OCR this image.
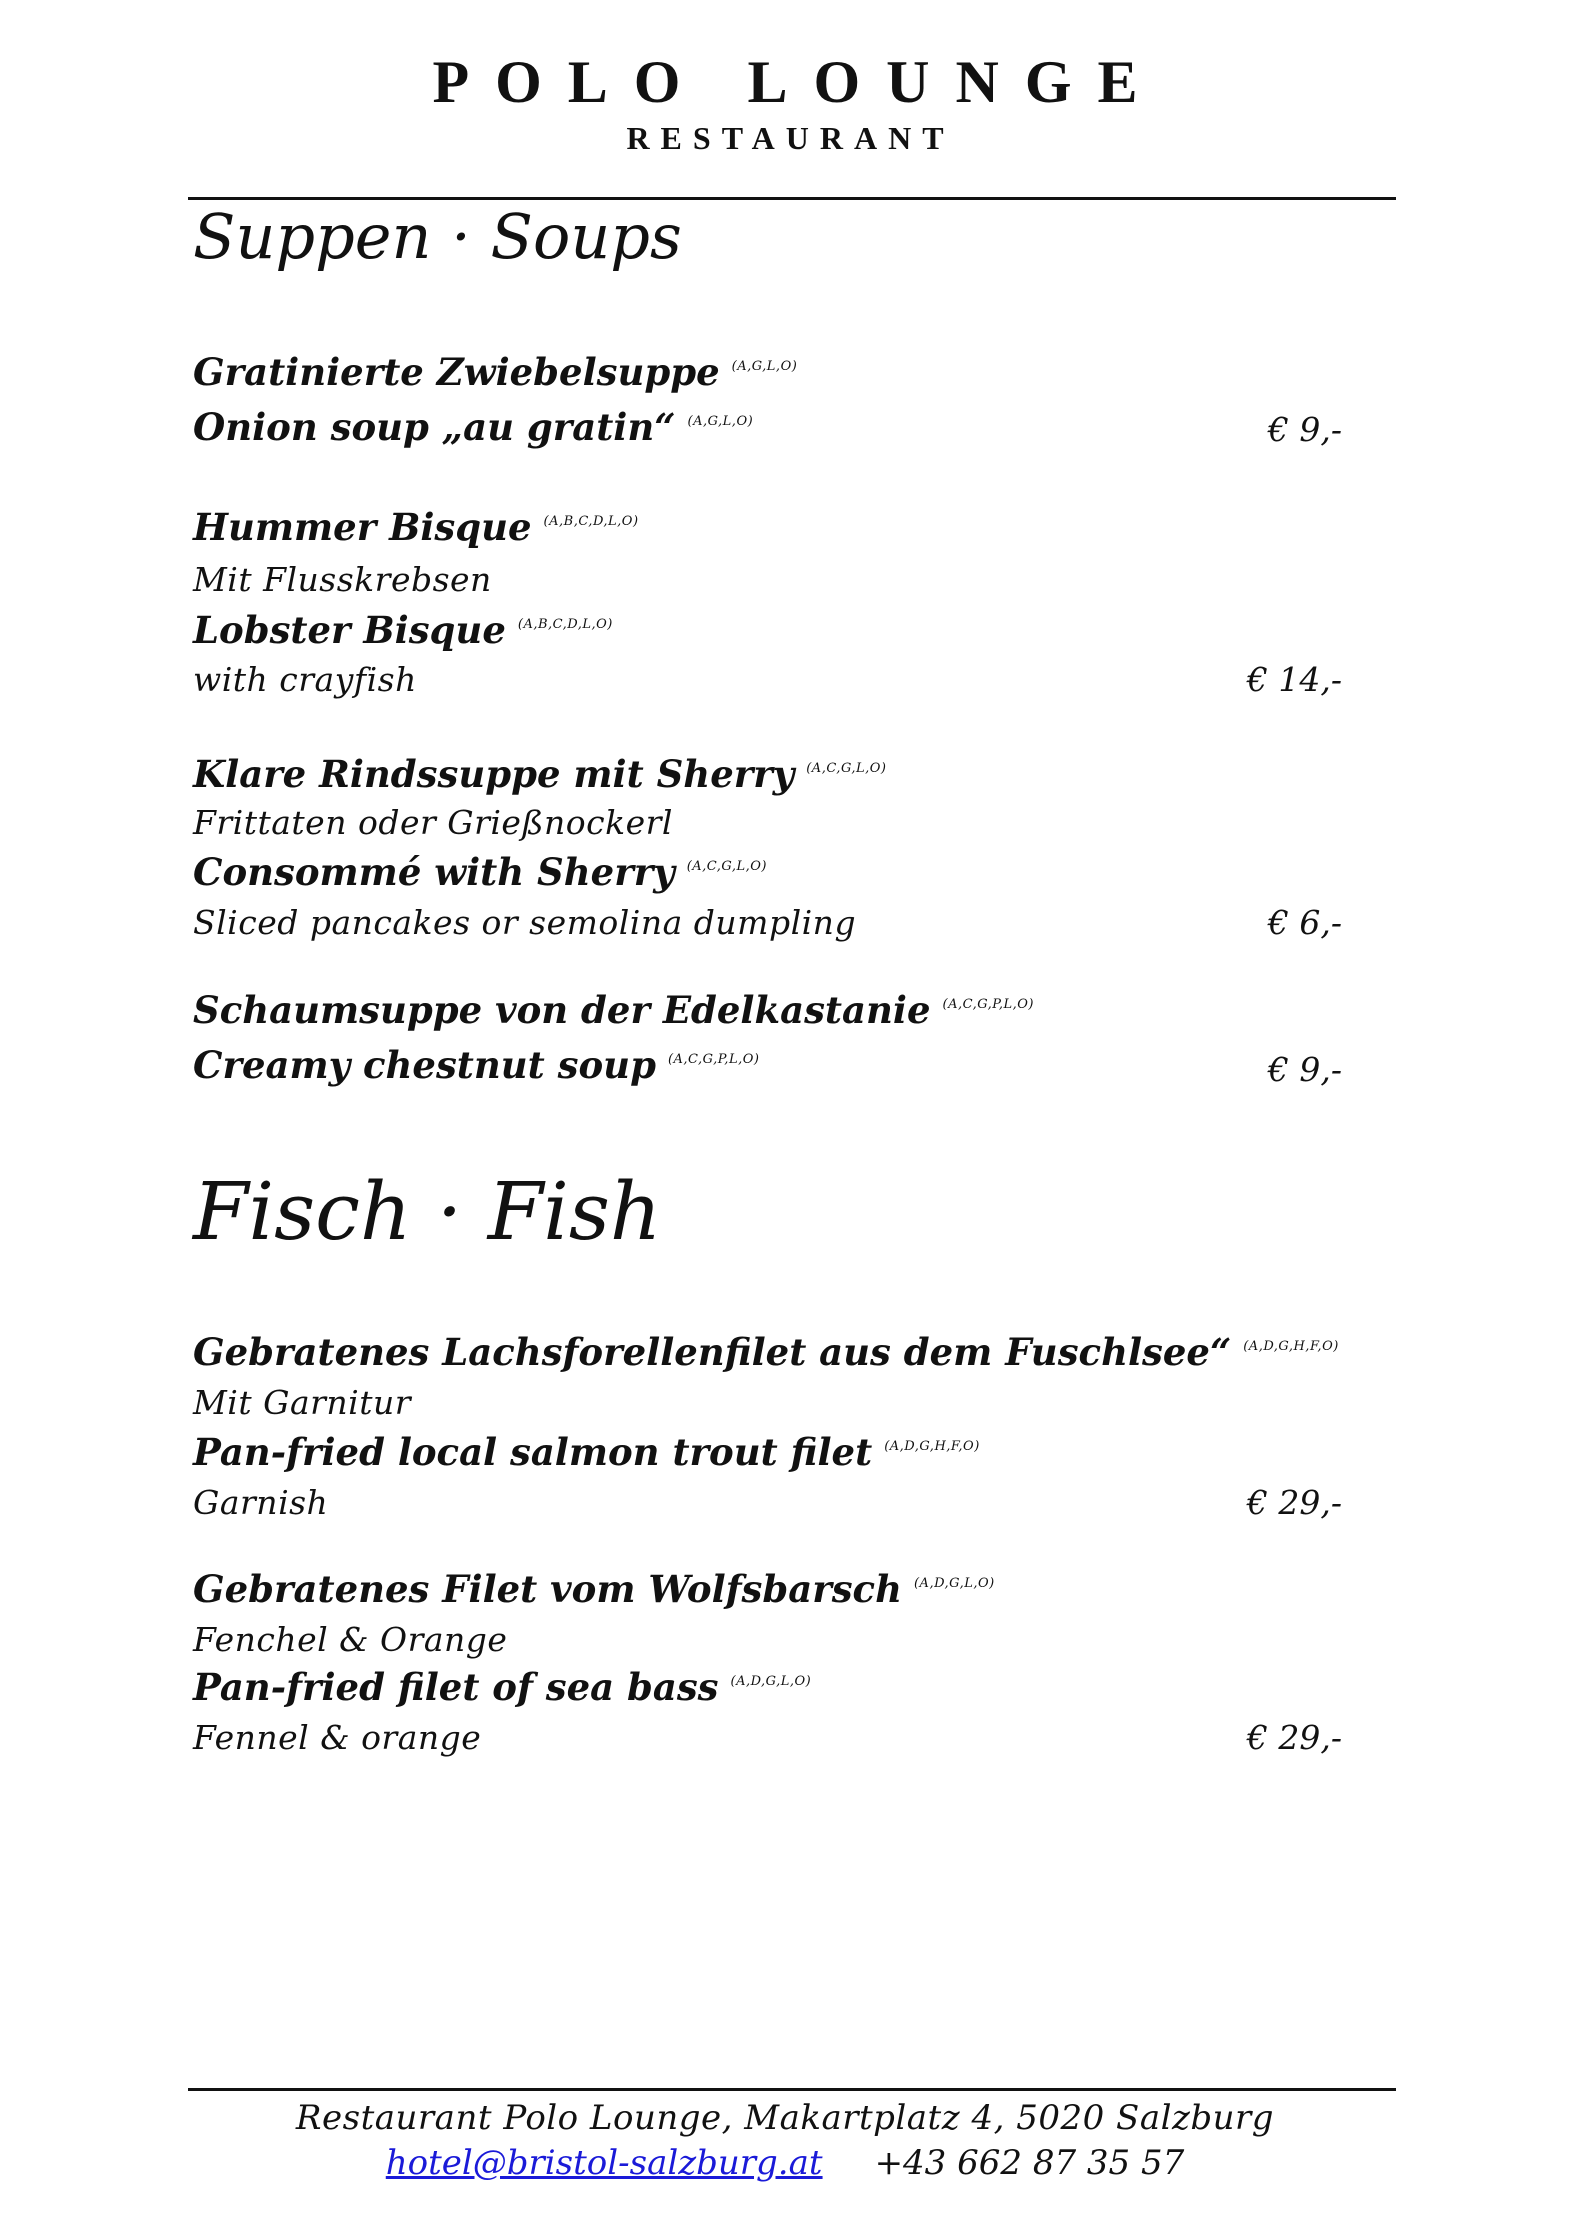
POLO LOUNGE
RESTAURANT
Suppen · Soups
Gratinierte Zwiebelsuppe $^{(A,G,L,O)}$
Onion soup „au gratin“ $^{(A,G,L,O)}$	€ 9,-
Hummer Bisque $^{(A,B,C,D,L,O)}$
Mit Flusskrebsen
Lobster Bisque $^{(A,B,C,D,L,O)}$
with crayfish	€ 14,-
Klare Rindssuppe mit Sherry $^{(A,C,G,L,O)}$
Frittaten oder Grießnockerl
Consommé with Sherry $^{(A,C,G,L,O)}$
Sliced pancakes or semolina dumpling	€ 6,-
Schaumsuppe von der Edelkastanie $^{(A,C,G,P,L,O)}$
Creamy chestnut soup $^{(A,C,G,P,L,O)}$	€ 9,-
Fisch · Fish
Gebratenes Lachsforellenfilet aus dem Fuschlsee“ $^{(A,D,G,H,F,O)}$
Mit Garnitur
Pan-fried local salmon trout filet $^{(A,D,G,H,F,O)}$
Garnish	€ 29,-
Gebratenes Filet vom Wolfsbarsch $^{(A,D,G,L,O)}$
Fenchel & Orange
Pan-fried filet of sea bass $^{(A,D,G,L,O)}$
Fennel & orange	€ 29,-
Restaurant Polo Lounge, Makartplatz 4, 5020 Salzburg
hotel@bristol-salzburg.at +43 662 87 35 57
